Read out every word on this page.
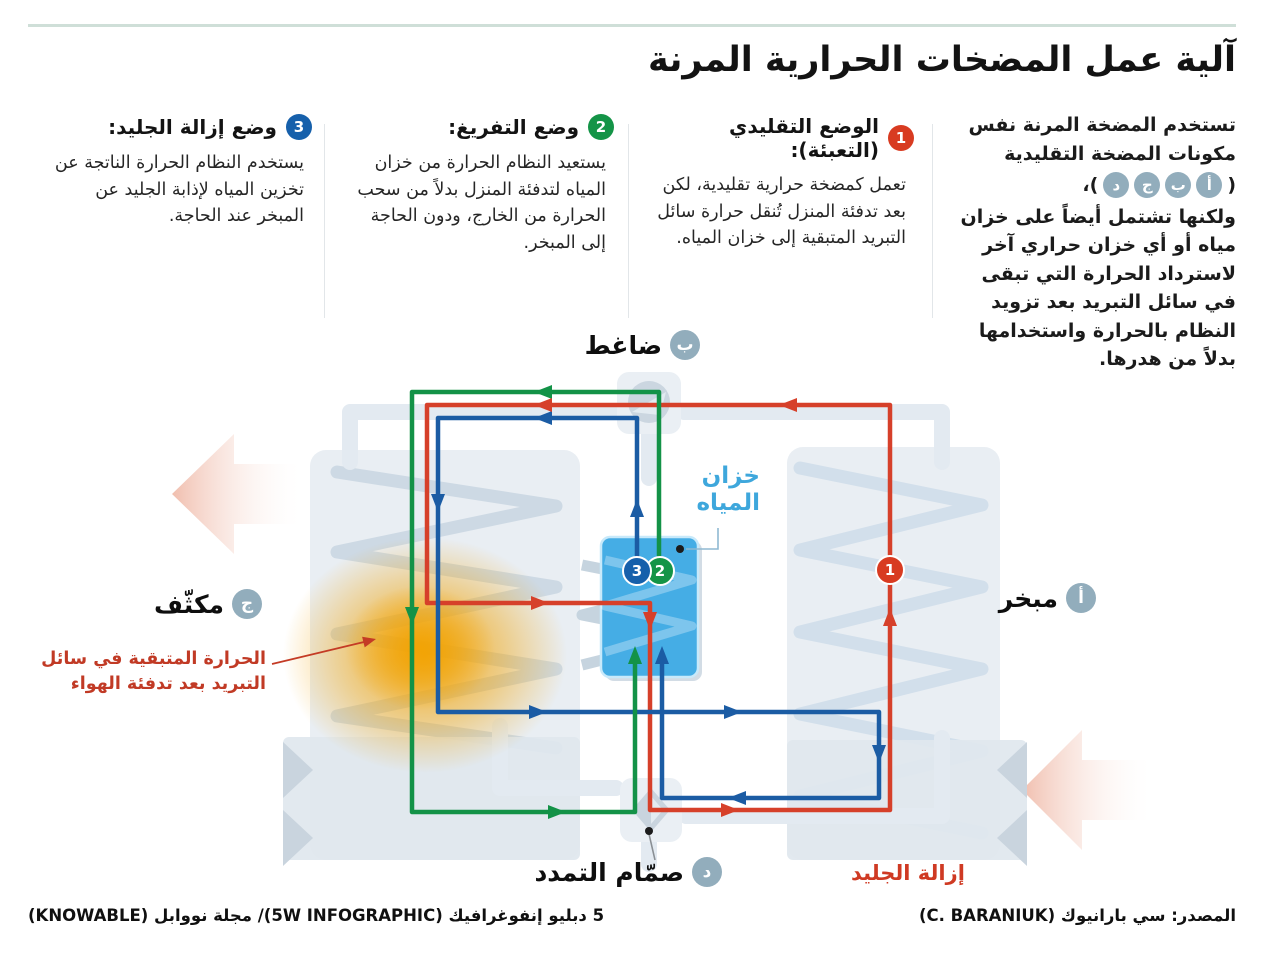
آلية عمل المضخات الحرارية المرنة
تستخدم المضخة المرنة نفس مكونات المضخة التقليدية
(
أ
ب
ج
د
)،
ولكنها تشتمل أيضاً على خزان مياه أو أي خزان حراري آخر لاسترداد الحرارة التي تبقى في سائل التبريد بعد تزويد النظام بالحرارة واستخدامها بدلاً من هدرها.
1
الوضع التقليدي (التعبئة):
تعمل كمضخة حرارية تقليدية، لكن بعد تدفئة المنزل تُنقل حرارة سائل التبريد المتبقية إلى خزان المياه.
2
وضع التفريغ:
يستعيد النظام الحرارة من خزان المياه لتدفئة المنزل بدلاً من سحب الحرارة من الخارج، ودون الحاجة إلى المبخر.
3
وضع إزالة الجليد:
يستخدم النظام الحرارة الناتجة عن تخزين المياه لإذابة الجليد عن المبخر عند الحاجة.
ب
ضاغط
أ
مبخر
ج
مكثّف
د
صمّام التمدد
خزان
المياه
إزالة الجليد
الحرارة المتبقية في سائل
التبريد بعد تدفئة الهواء
1
2
3
المصدر: سي بارانيوك (C. BARANIUK)
5 دبليو إنفوغرافيك (5W INFOGRAPHIC)/ مجلة نووابل (KNOWABLE)
